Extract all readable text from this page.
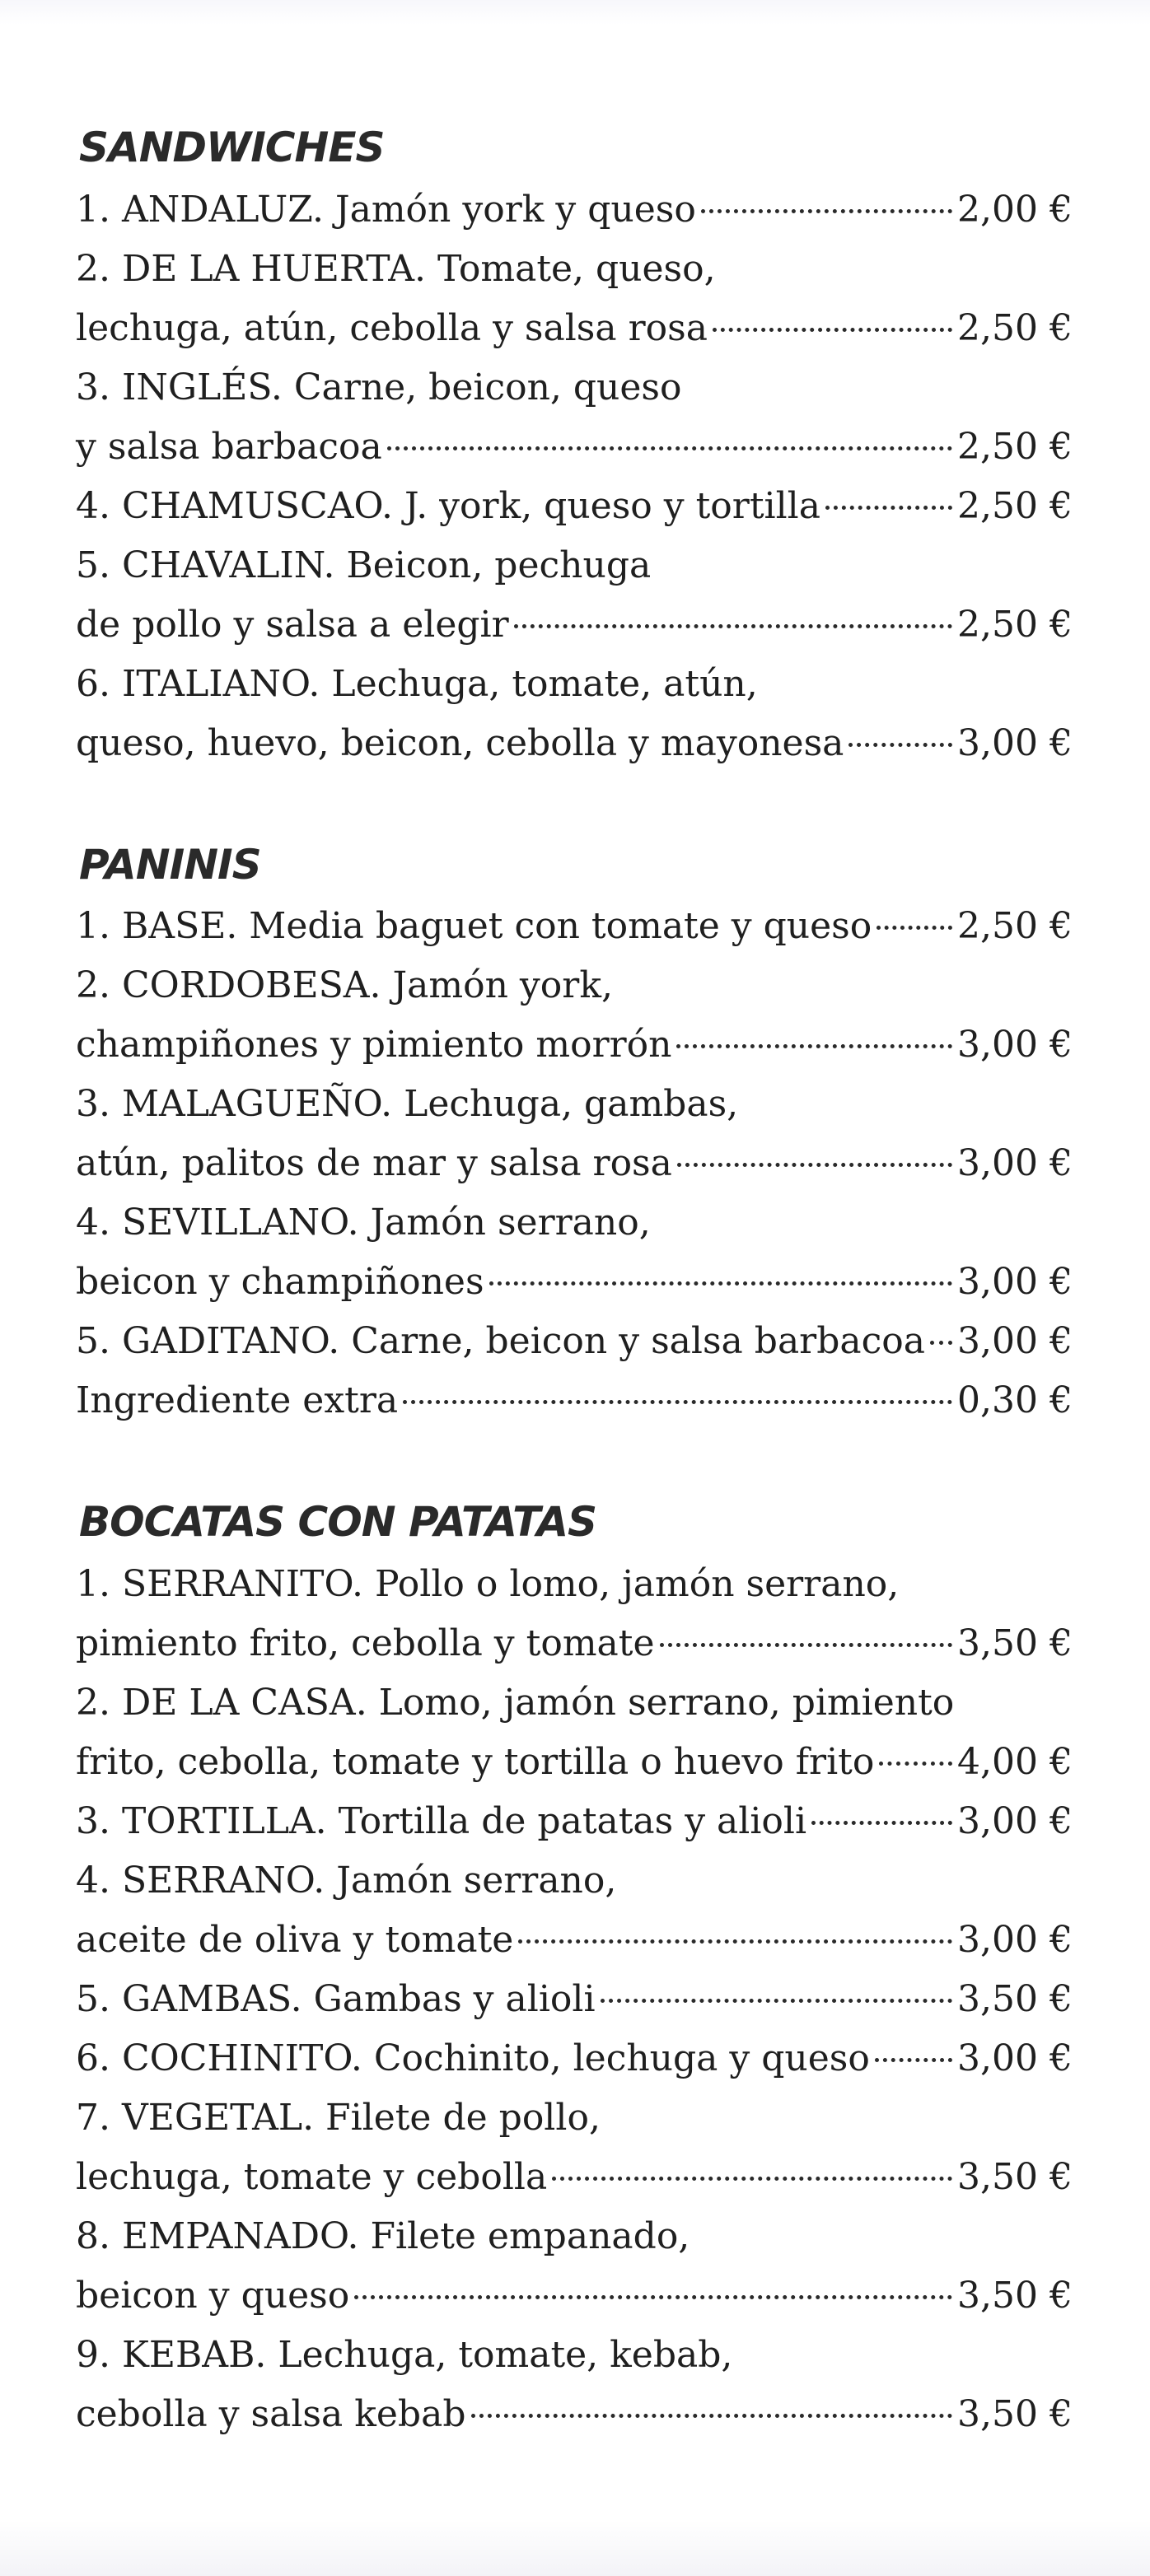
SANDWICHES
1. ANDALUZ. Jamón york y queso	2,00 €
2. DE LA HUERTA. Tomate, queso,
lechuga, atún, cebolla y salsa rosa	2,50 €
3. INGLÉS. Carne, beicon, queso
y salsa barbacoa	2,50 €
4. CHAMUSCAO. J. york, queso y tortilla	2,50 €
5. CHAVALIN. Beicon, pechuga
de pollo y salsa a elegir	2,50 €
6. ITALIANO. Lechuga, tomate, atún,
queso, huevo, beicon, cebolla y mayonesa	3,00 €
PANINIS
1. BASE. Media baguet con tomate y queso 2,50 €
2. CORDOBESA. Jamón york,
champiñones y pimiento morrón	3,00 €
3. MALAGUEÑO. Lechuga, gambas,
atún, palitos de mar y salsa rosa	3,00 €
4. SEVILLANO. Jamón serrano,
beicon y champiñones	3,00 €
5. GADITANO. Carne, beicon y salsa barbacoa 3,00 €
Ingrediente extra	0,30 €
BOCATAS CON PATATAS
1. SERRANITO. Pollo o lomo, jamón serrano,
pimiento frito, cebolla y tomate	3,50 €
2. DE LA CASA. Lomo, jamón serrano, pimiento
frito, cebolla, tomate y tortilla o huevo frito 4,00 €
3. TORTILLA. Tortilla de patatas y alioli	3,00 €
4. SERRANO. Jamón serrano,
aceite de oliva y tomate	3,00 €
5. GAMBAS. Gambas y alioli	3,50 €
6. COCHINITO. Cochinito, lechuga y queso 3,00 €
7. VEGETAL. Filete de pollo,
lechuga, tomate y cebolla	3,50 €
8. EMPANADO. Filete empanado,
beicon y queso	3,50 €
9. KEBAB. Lechuga, tomate, kebab,
cebolla y salsa kebab	3,50 €
